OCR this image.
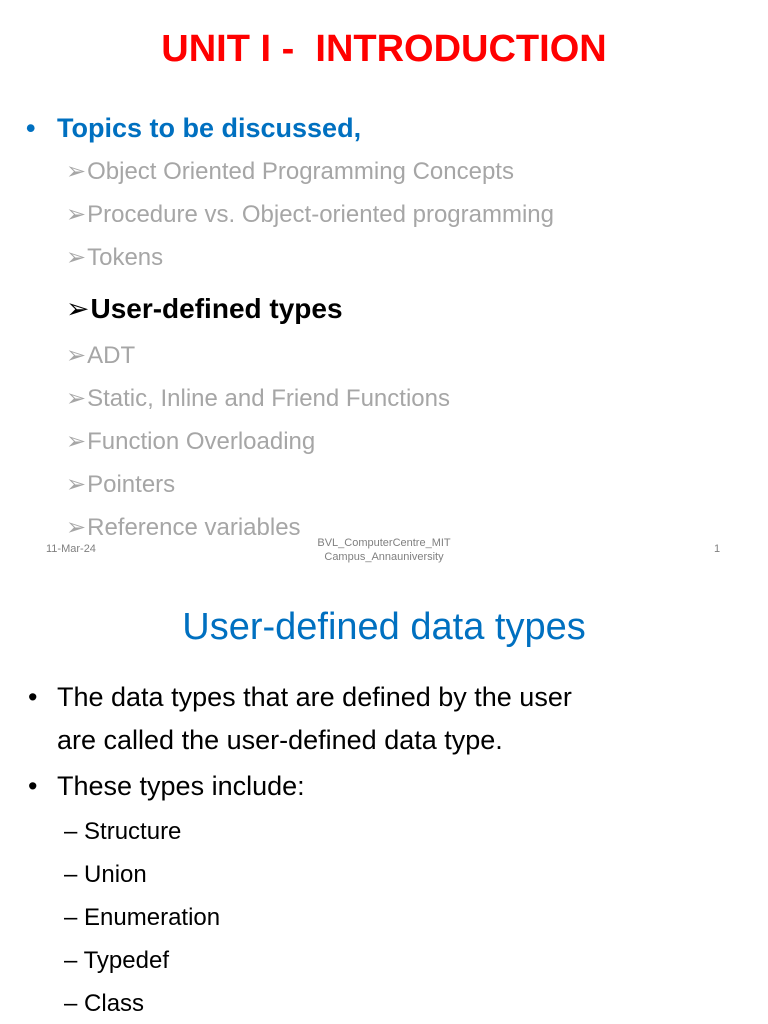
UNIT I -  INTRODUCTION
• Topics to be discussed,
➢Object Oriented Programming Concepts
➢Procedure vs. Object-oriented programming
➢Tokens
➢User-defined types
➢ADT
➢Static, Inline and Friend Functions
➢Function Overloading
➢Pointers
➢Reference variables
11-Mar-24	BVL_ComputerCentre_MIT
Campus_Annauniversity
1
User-defined data types
• The data types that are defined by the user
are called the user-defined data type.
• These types include:
– Structure
– Union
– Enumeration
– Typedef
– Class
